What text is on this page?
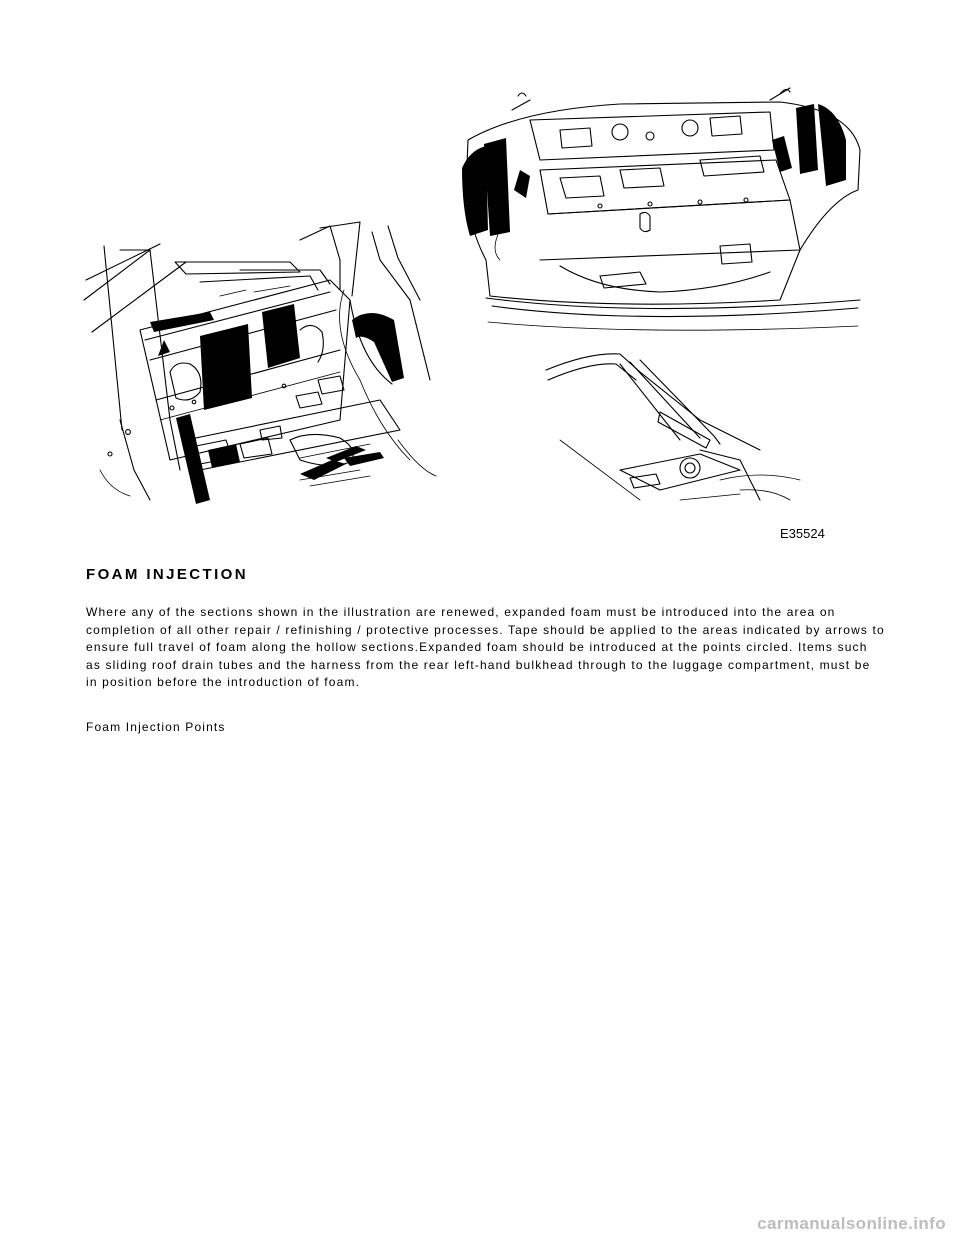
E35524
FOAM INJECTION

Where any of the sections shown in the illustration are renewed, expanded foam must be introduced into the area on completion of all other repair / refinishing / protective processes. Tape should be applied to the areas indicated by arrows to ensure full travel of foam along the hollow sections.Expanded foam should be introduced at the points circled. Items such as sliding roof drain tubes and the harness from the rear left-hand bulkhead through to the luggage compartment, must be in position before the introduction of foam.

Foam Injection Points

carmanualsonline.info
